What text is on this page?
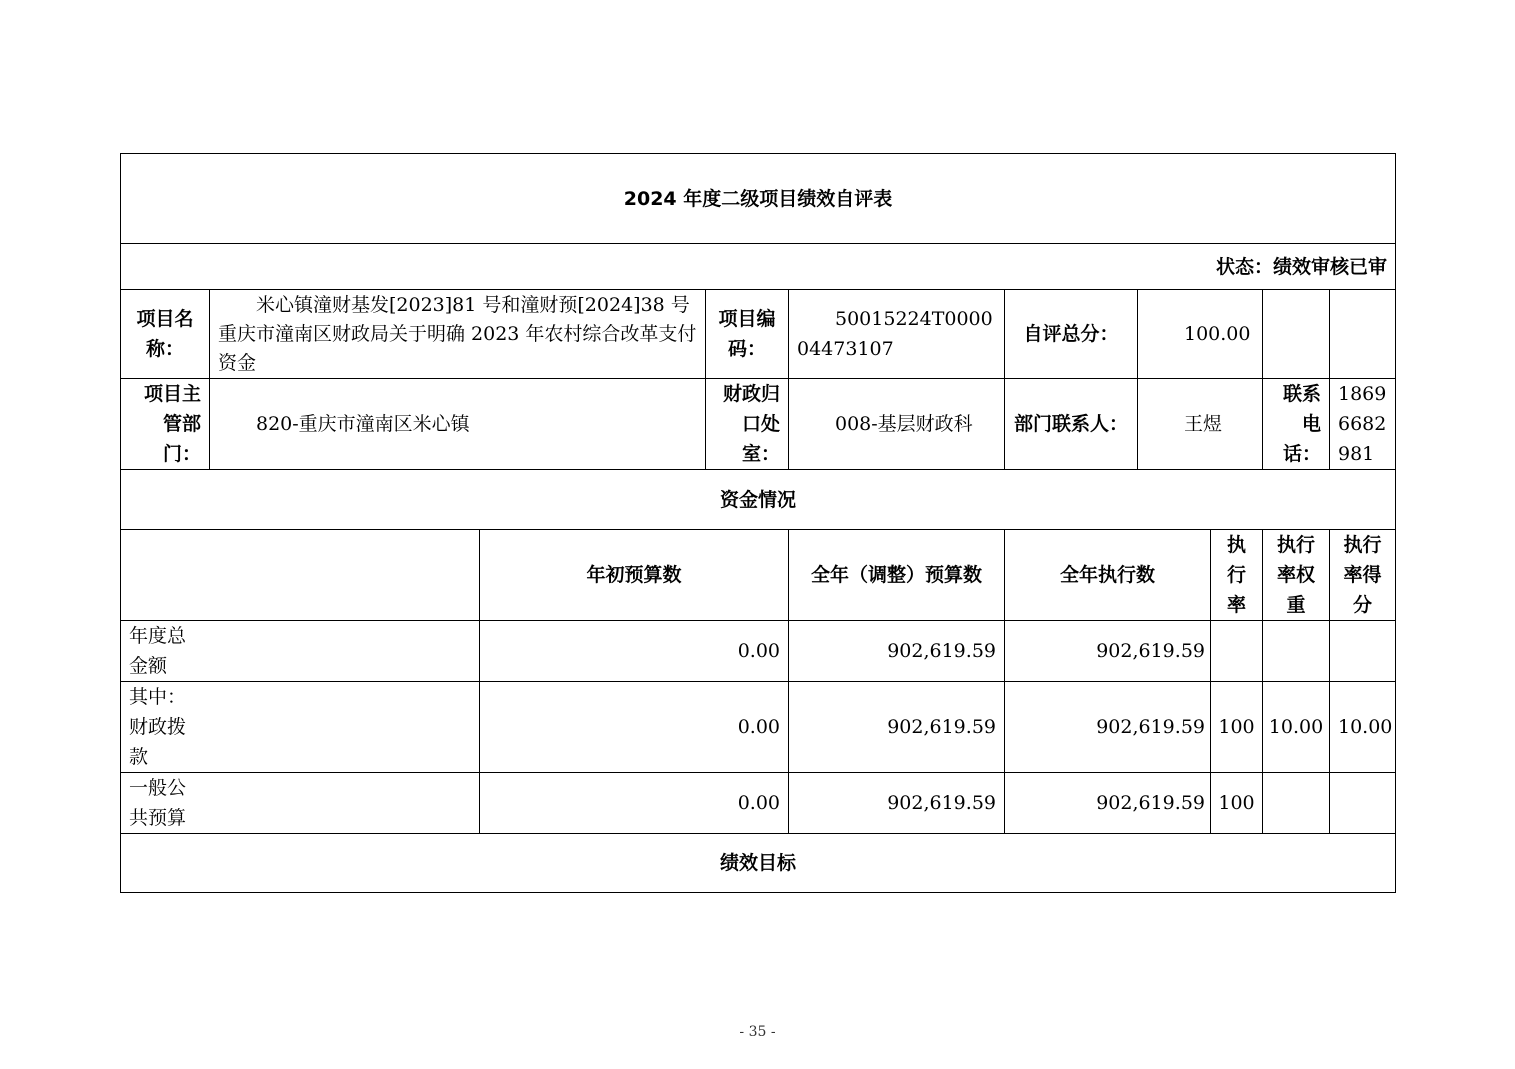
2024 年度二级项目绩效自评表									
状态：绩效审核已审									
项目名称：	米心镇潼财基发[2023]81 号和潼财预[2024]38 号重庆市潼南区财政局关于明确 2023 年农村综合改革支付资金		项目编码：	50015224T000004473107	自评总分：	100.00			
项目主管部门：	820-重庆市潼南区米心镇		财政归口处室：	008-基层财政科	部门联系人：	王煜		联系电话：	18696682981
资金情况									
		年初预算数		全年（调整）预算数	全年执行数		执行率	执行率权重	执行率得分

年度总金额		0.00		902,619.59	902,619.59				

其中：财政拨款		0.00		902,619.59	902,619.59		100	10.00	10.00

一般公共预算		0.00		902,619.59	902,619.59		100		
绩效目标									
- 35 -
